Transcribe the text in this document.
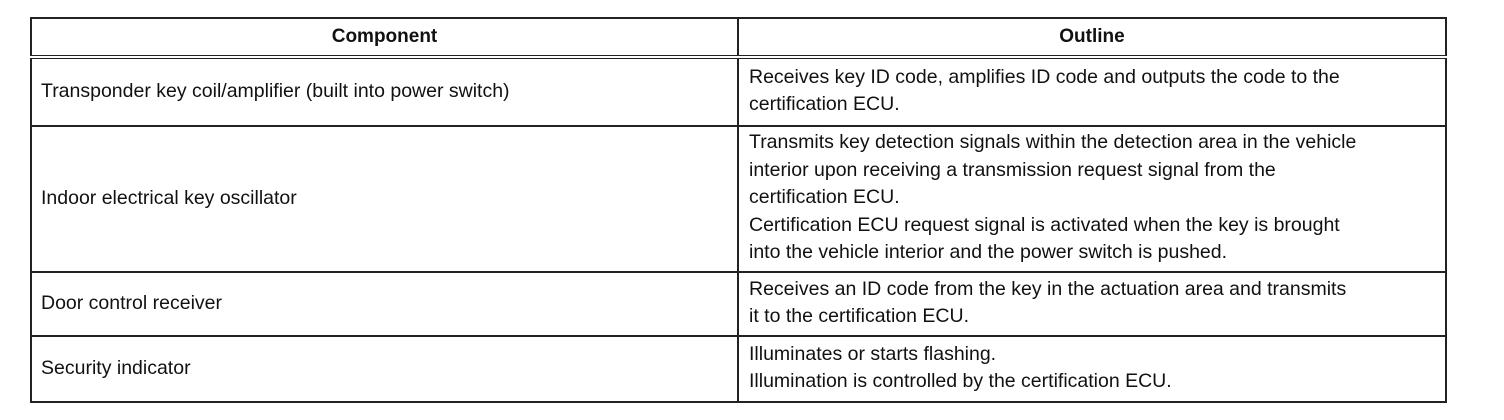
Component	Outline
Transponder key coil/amplifier (built into power switch)	Receives key ID code, amplifies ID code and outputs the code to the
certification ECU.

Indoor electrical key oscillator	Transmits key detection signals within the detection area in the vehicle
interior upon receiving a transmission request signal from the
certification ECU.
Certification ECU request signal is activated when the key is brought
into the vehicle interior and the power switch is pushed.

Door control receiver	Receives an ID code from the key in the actuation area and transmits
it to the certification ECU.

Security indicator	Illuminates or starts flashing.
Illumination is controlled by the certification ECU.
